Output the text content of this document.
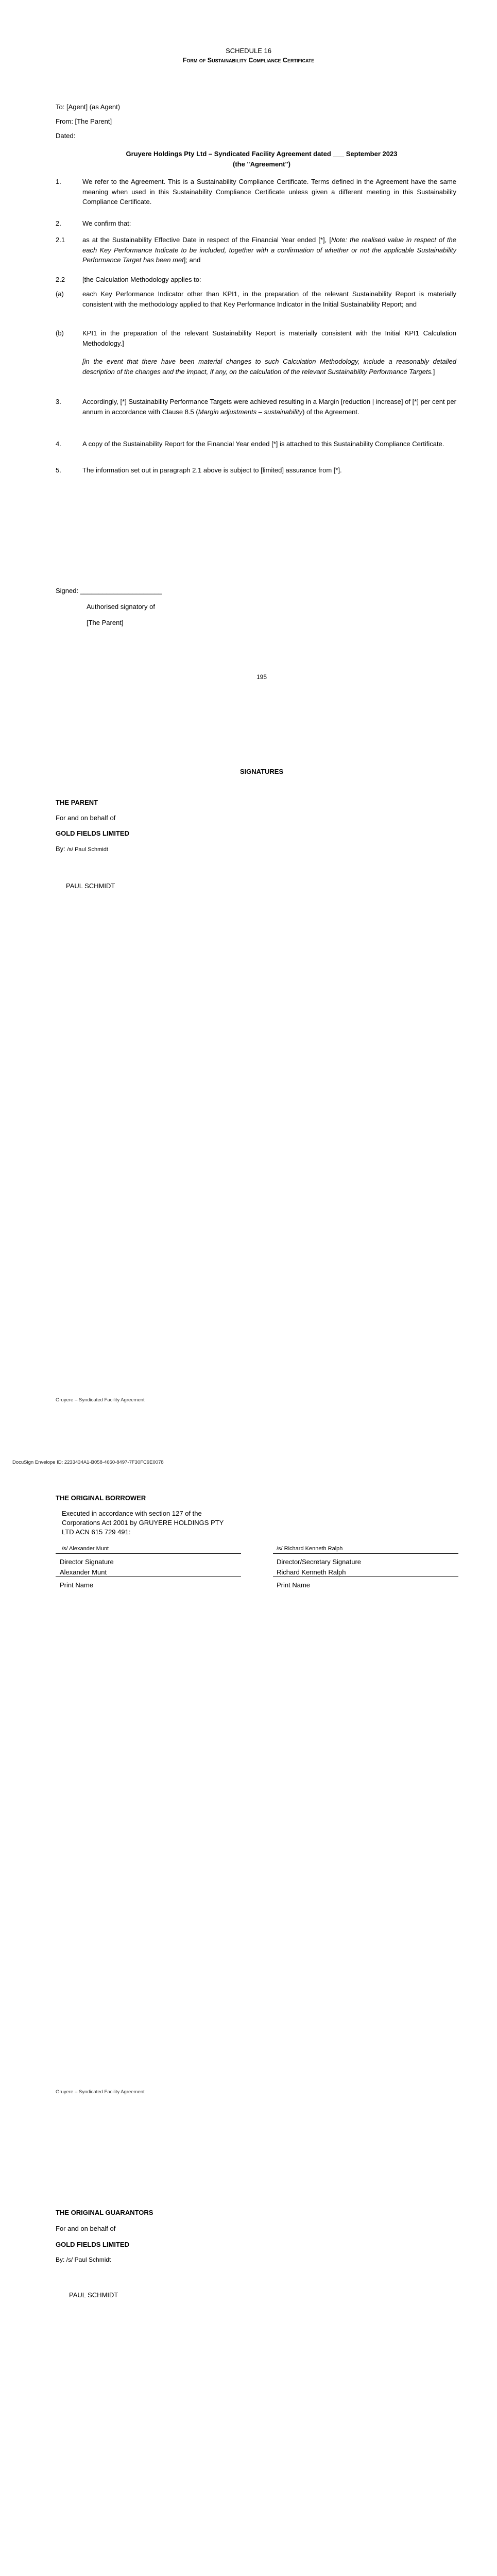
SCHEDULE 16
Form of Sustainability Compliance Certificate
To: [Agent] (as Agent)
From: [The Parent]
Dated:
Gruyere Holdings Pty Ltd – Syndicated Facility Agreement dated ___ September 2023
(the "Agreement")
1.	We refer to the Agreement. This is a Sustainability Compliance Certificate. Terms defined in the Agreement have the same meaning when used in this Sustainability Compliance Certificate unless given a different meeting in this Sustainability Compliance Certificate.
2.	We confirm that:
2.1	as at the Sustainability Effective Date in respect of the Financial Year ended [*], [Note: the realised value in respect of the each Key Performance Indicate to be included, together with a confirmation of whether or not the applicable Sustainability Performance Target has been met]; and
2.2	[the Calculation Methodology applies to:
(a)	each Key Performance Indicator other than KPI1, in the preparation of the relevant Sustainability Report is materially consistent with the methodology applied to that Key Performance Indicator in the Initial Sustainability Report; and
(b)	KPI1 in the preparation of the relevant Sustainability Report is materially consistent with the Initial KPI1 Calculation Methodology.]
[in the event that there have been material changes to such Calculation Methodology, include a reasonably detailed description of the changes and the impact, if any, on the calculation of the relevant Sustainability Performance Targets.]
3.	Accordingly, [*] Sustainability Performance Targets were achieved resulting in a Margin [reduction | increase] of [*] per cent per annum in accordance with Clause 8.5 (Margin adjustments – sustainability) of the Agreement.
4.	A copy of the Sustainability Report for the Financial Year ended [*] is attached to this Sustainability Compliance Certificate.
5.	The information set out in paragraph 2.1 above is subject to [limited] assurance from [*].
Signed: ______________________
Authorised signatory of
[The Parent]
195
SIGNATURES
THE PARENT
For and on behalf of
GOLD FIELDS LIMITED
By: /s/ Paul Schmidt
PAUL SCHMIDT
Gruyere – Syndicated Facility Agreement
DocuSign Envelope ID: 2233434A1-B058-4660-8497-7F30FC9E0078
THE ORIGINAL BORROWER
Executed in accordance with section 127 of the Corporations Act 2001 by GRUYERE HOLDINGS PTY LTD ACN 615 729 491:
/s/ Alexander Munt
Director Signature
Alexander Munt
Print Name
/s/ Richard Kenneth Ralph
Director/Secretary Signature
Richard Kenneth Ralph
Print Name
Gruyere – Syndicated Facility Agreement
THE ORIGINAL GUARANTORS
For and on behalf of
GOLD FIELDS LIMITED
By: /s/ Paul Schmidt
PAUL SCHMIDT
